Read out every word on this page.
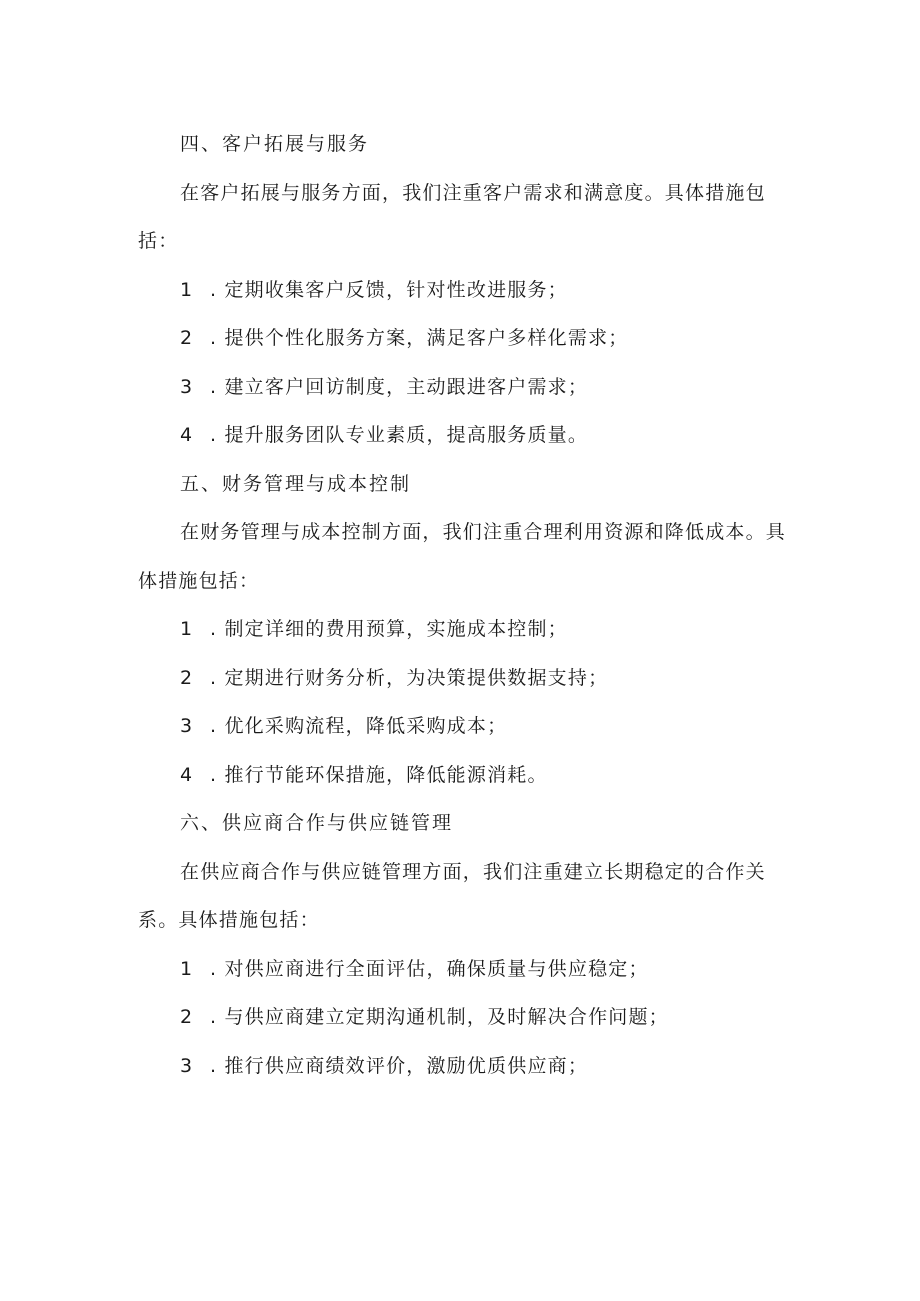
四、客户拓展与服务
在客户拓展与服务方面，我们注重客户需求和满意度。具体措施包
括：
1 . 定期收集客户反馈，针对性改进服务；
2 . 提供个性化服务方案，满足客户多样化需求；
3 . 建立客户回访制度，主动跟进客户需求；
4 . 提升服务团队专业素质，提高服务质量。
五、财务管理与成本控制
在财务管理与成本控制方面，我们注重合理利用资源和降低成本。具
体措施包括：
1 . 制定详细的费用预算，实施成本控制；
2 . 定期进行财务分析，为决策提供数据支持；
3 . 优化采购流程，降低采购成本；
4 . 推行节能环保措施，降低能源消耗。
六、供应商合作与供应链管理
在供应商合作与供应链管理方面，我们注重建立长期稳定的合作关
系。具体措施包括：
1 . 对供应商进行全面评估，确保质量与供应稳定；
2 . 与供应商建立定期沟通机制，及时解决合作问题；
3 . 推行供应商绩效评价，激励优质供应商；
